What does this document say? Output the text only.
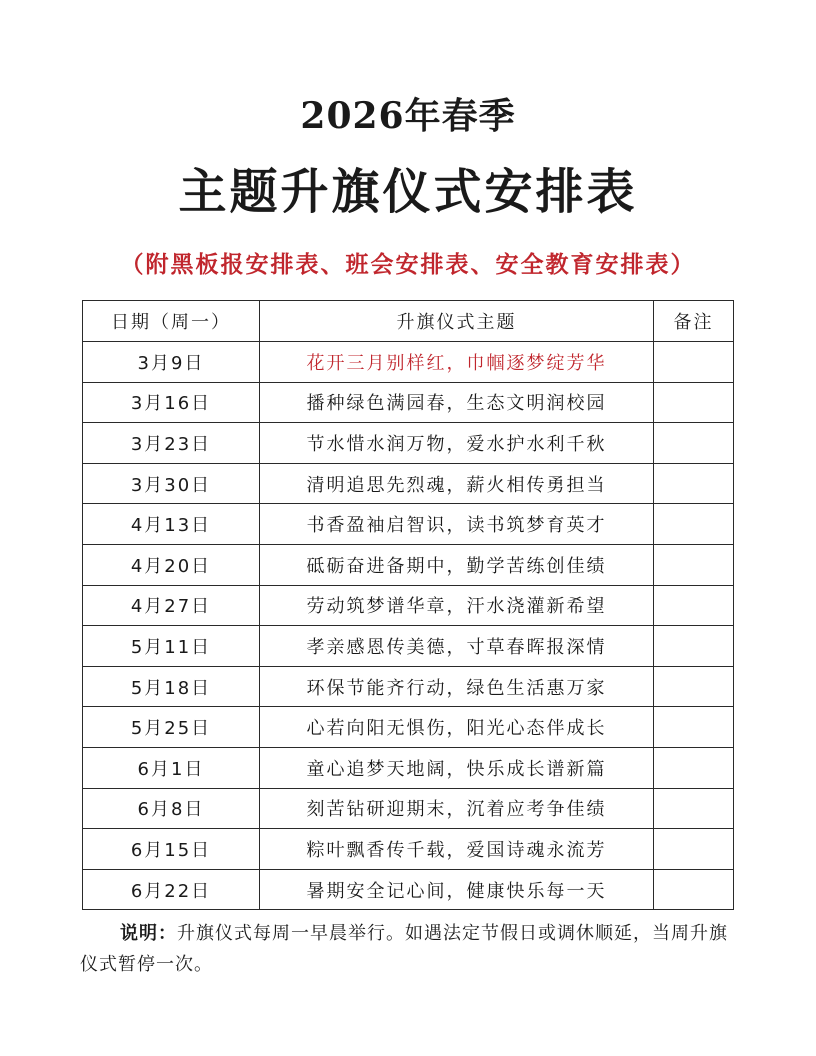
2026年春季
主题升旗仪式安排表
（附黑板报安排表、班会安排表、安全教育安排表）
日期（周一）	升旗仪式主题	备注
3月9日	花开三月别样红，巾帼逐梦绽芳华	
3月16日	播种绿色满园春，生态文明润校园	
3月23日	节水惜水润万物，爱水护水利千秋	
3月30日	清明追思先烈魂，薪火相传勇担当	
4月13日	书香盈袖启智识，读书筑梦育英才	
4月20日	砥砺奋进备期中，勤学苦练创佳绩	
4月27日	劳动筑梦谱华章，汗水浇灌新希望	
5月11日	孝亲感恩传美德，寸草春晖报深情	
5月18日	环保节能齐行动，绿色生活惠万家	
5月25日	心若向阳无惧伤，阳光心态伴成长	
6月1日	童心追梦天地阔，快乐成长谱新篇	
6月8日	刻苦钻研迎期末，沉着应考争佳绩	
6月15日	粽叶飘香传千载，爱国诗魂永流芳	
6月22日	暑期安全记心间，健康快乐每一天	
说明：升旗仪式每周一早晨举行。如遇法定节假日或调休顺延，当周升旗仪式暂停一次。
